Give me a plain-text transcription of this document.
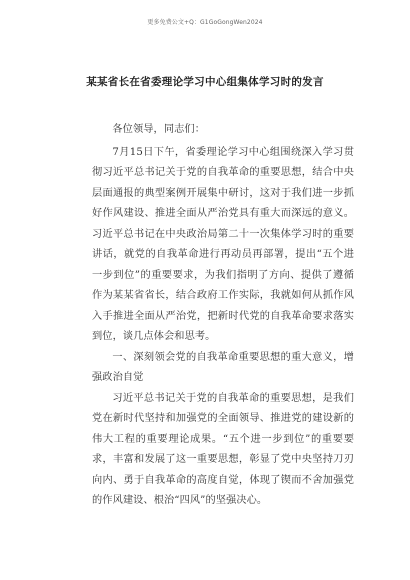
更多免费公文+Q：G1GoGongWen2024
某某省长在省委理论学习中心组集体学习时的发言

各位领导，同志们：

7月15日下午，省委理论学习中心组围绕深入学习贯彻习近平总书记关于党的自我革命的重要思想，结合中央层面通报的典型案例开展集中研讨，这对于我们进一步抓好作风建设、推进全面从严治党具有重大而深远的意义。习近平总书记在中央政治局第二十一次集体学习时的重要讲话，就党的自我革命进行再动员再部署，提出“五个进一步到位”的重要要求，为我们指明了方向、提供了遵循作为某某省省长，结合政府工作实际，我就如何从抓作风入手推进全面从严治党，把新时代党的自我革命要求落实到位，谈几点体会和思考。

一、深刻领会党的自我革命重要思想的重大意义，增强政治自觉

习近平总书记关于党的自我革命的重要思想，是我们党在新时代坚持和加强党的全面领导、推进党的建设新的伟大工程的重要理论成果。“五个进一步到位”的重要要求，丰富和发展了这一重要思想，彰显了党中央坚持刀刃向内、勇于自我革命的高度自觉，体现了锲而不舍加强党的作风建设、根治“四风”的坚强决心。
